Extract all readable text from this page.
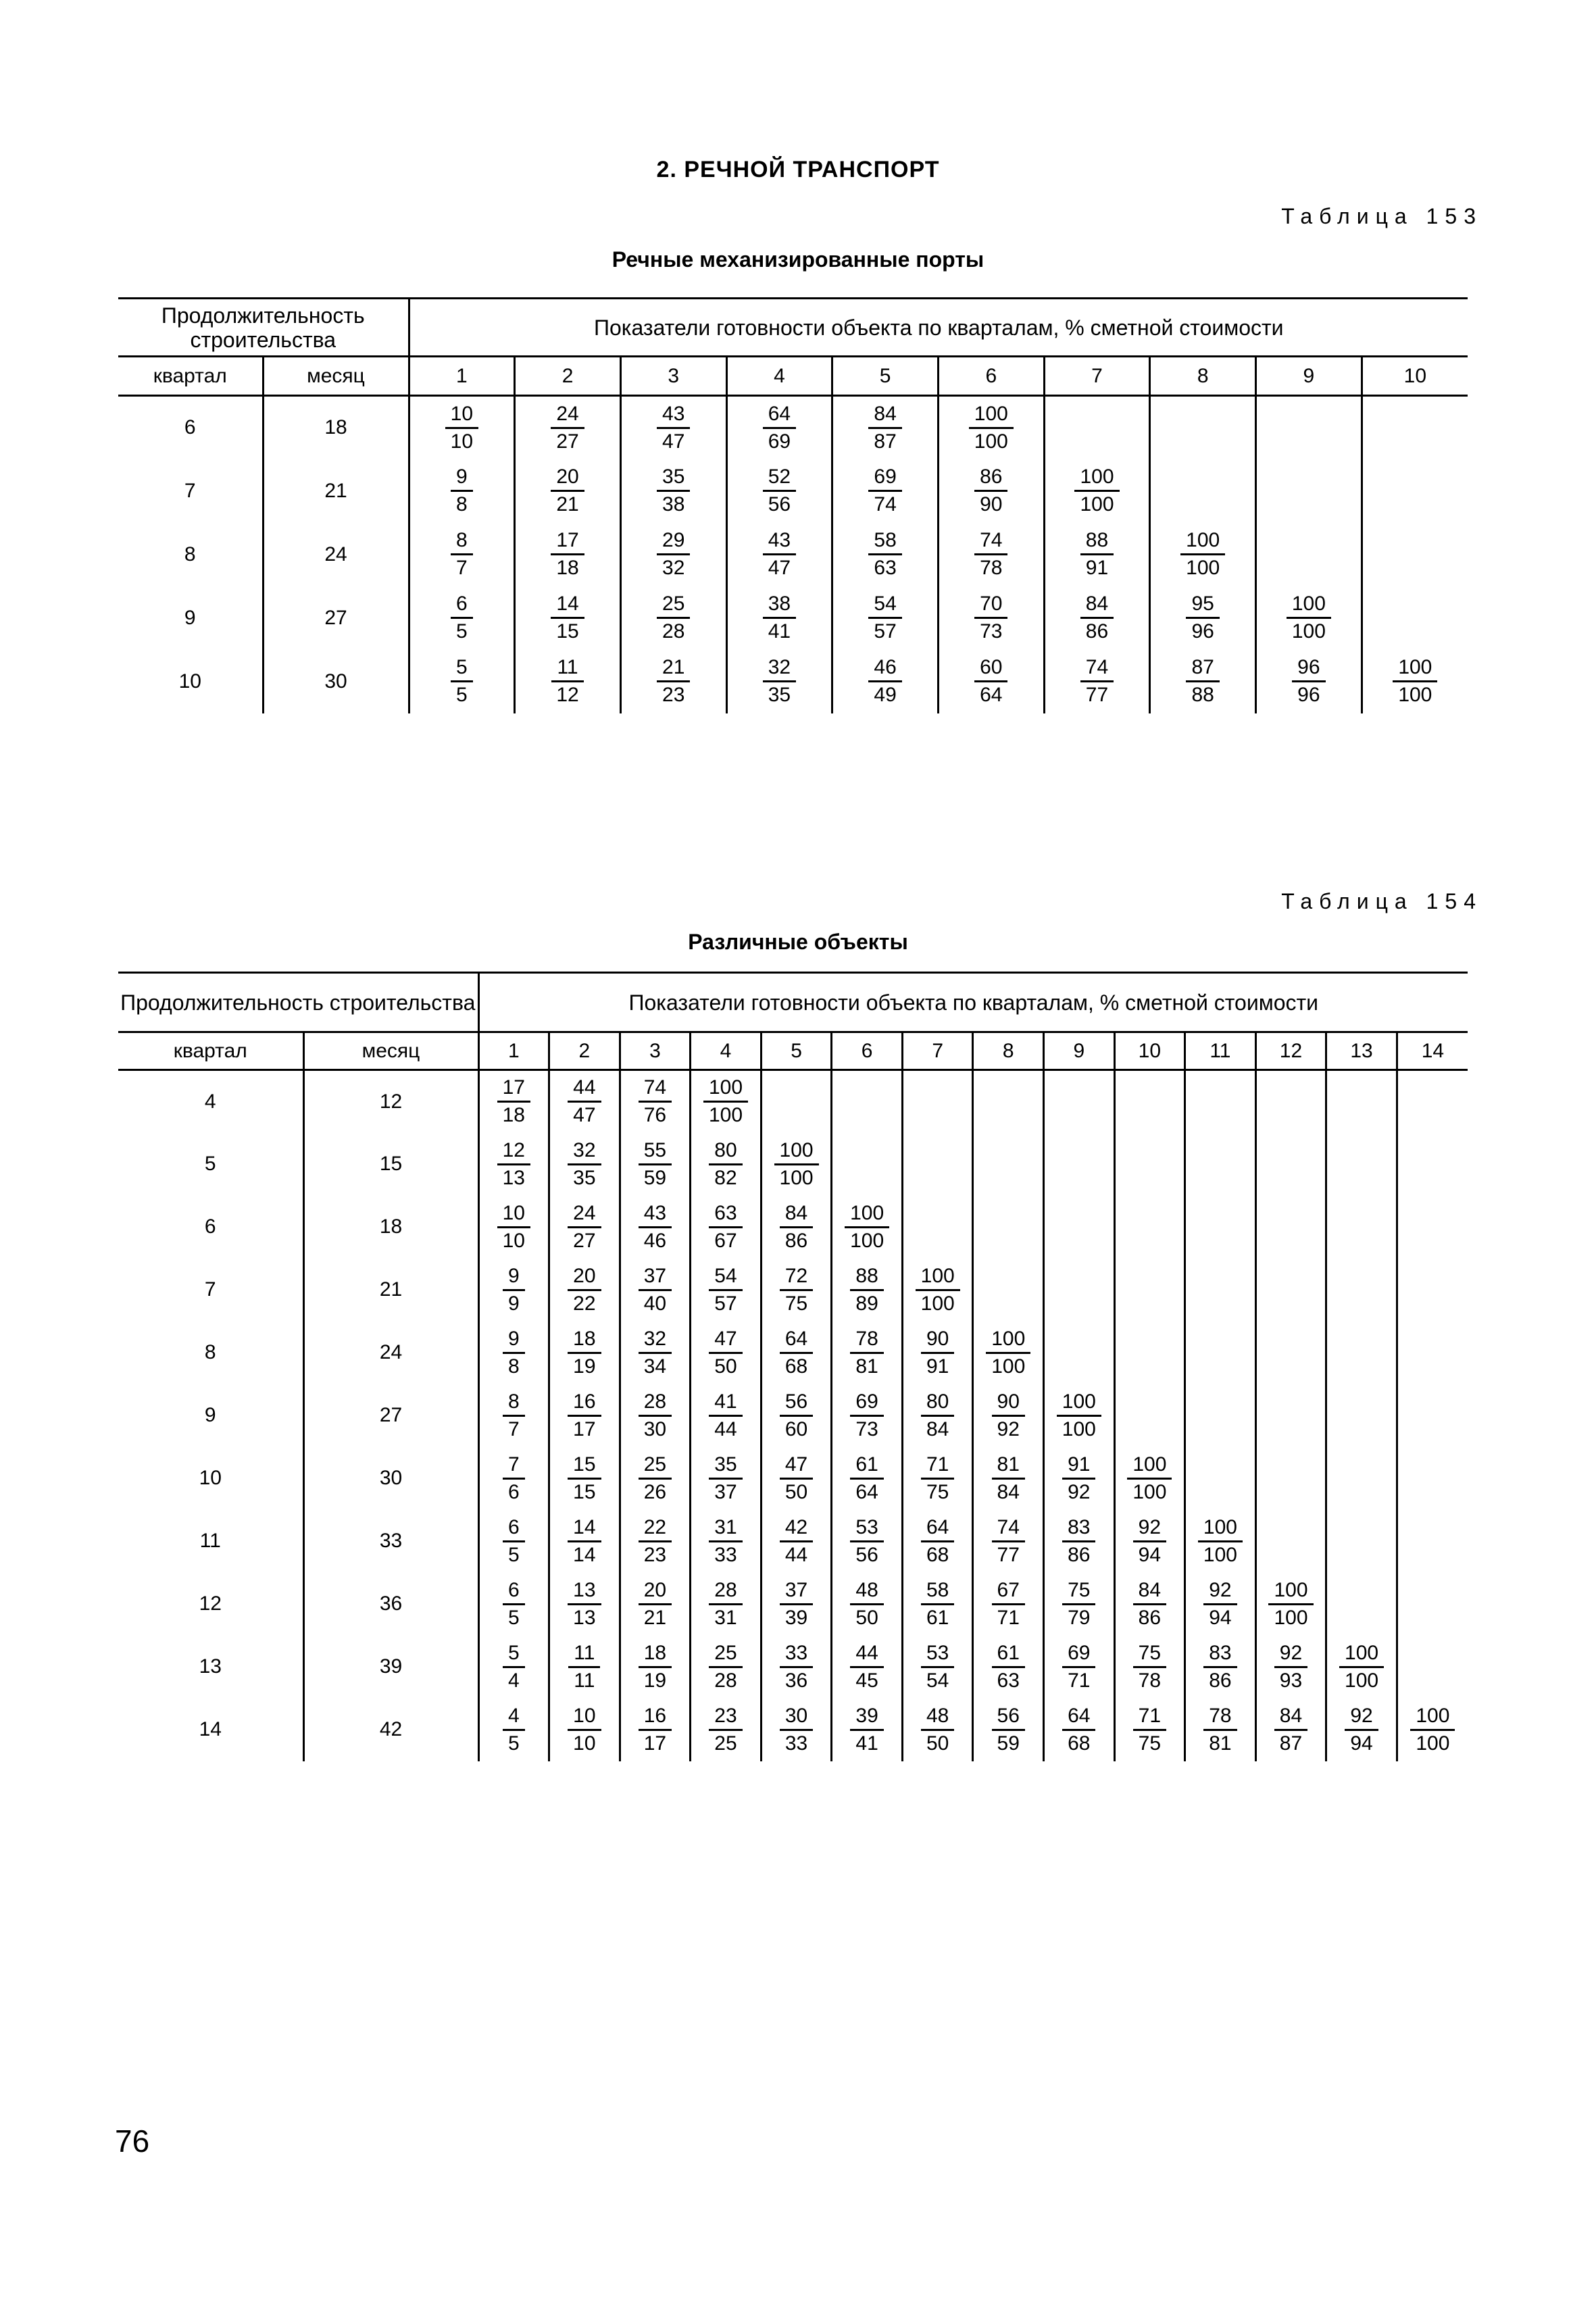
2. РЕЧНОЙ ТРАНСПОРТ
Таблица 153
Речные механизированные порты
Продолжительность строительства		Показатели готовности объекта по кварталам, % сметной стоимости									
квартал	месяц	1	2	3	4	5	6	7	8	9	10
6	18	$\frac{10}{10}$	$\frac{24}{27}$	$\frac{43}{47}$	$\frac{64}{69}$	$\frac{84}{87}$	$\frac{100}{100}$

7	21	$\frac{9}{8}$	$\frac{20}{21}$	$\frac{35}{38}$	$\frac{52}{56}$	$\frac{69}{74}$	$\frac{86}{90}$	$\frac{100}{100}$

8	24	$\frac{8}{7}$	$\frac{17}{18}$	$\frac{29}{32}$	$\frac{43}{47}$	$\frac{58}{63}$	$\frac{74}{78}$	$\frac{88}{91}$	$\frac{100}{100}$

9	27	$\frac{6}{5}$	$\frac{14}{15}$	$\frac{25}{28}$	$\frac{38}{41}$	$\frac{54}{57}$	$\frac{70}{73}$	$\frac{84}{86}$	$\frac{95}{96}$	$\frac{100}{100}$

10	30	$\frac{5}{5}$	$\frac{11}{12}$	$\frac{21}{23}$	$\frac{32}{35}$	$\frac{46}{49}$	$\frac{60}{64}$	$\frac{74}{77}$	$\frac{87}{88}$	$\frac{96}{96}$	$\frac{100}{100}$
Таблица 154
Различные объекты
Продолжительность строительства		Показатели готовности объекта по кварталам, % сметной стоимости													
квартал	месяц	1	2	3	4	5	6	7	8	9	10	11	12	13	14
4	12	$\frac{17}{18}$	$\frac{44}{47}$	$\frac{74}{76}$	$\frac{100}{100}$

5	15	$\frac{12}{13}$	$\frac{32}{35}$	$\frac{55}{59}$	$\frac{80}{82}$	$\frac{100}{100}$

6	18	$\frac{10}{10}$	$\frac{24}{27}$	$\frac{43}{46}$	$\frac{63}{67}$	$\frac{84}{86}$	$\frac{100}{100}$

7	21	$\frac{9}{9}$	$\frac{20}{22}$	$\frac{37}{40}$	$\frac{54}{57}$	$\frac{72}{75}$	$\frac{88}{89}$	$\frac{100}{100}$

8	24	$\frac{9}{8}$	$\frac{18}{19}$	$\frac{32}{34}$	$\frac{47}{50}$	$\frac{64}{68}$	$\frac{78}{81}$	$\frac{90}{91}$	$\frac{100}{100}$

9	27	$\frac{8}{7}$	$\frac{16}{17}$	$\frac{28}{30}$	$\frac{41}{44}$	$\frac{56}{60}$	$\frac{69}{73}$	$\frac{80}{84}$	$\frac{90}{92}$	$\frac{100}{100}$

10	30	$\frac{7}{6}$	$\frac{15}{15}$	$\frac{25}{26}$	$\frac{35}{37}$	$\frac{47}{50}$	$\frac{61}{64}$	$\frac{71}{75}$	$\frac{81}{84}$	$\frac{91}{92}$	$\frac{100}{100}$

11	33	$\frac{6}{5}$	$\frac{14}{14}$	$\frac{22}{23}$	$\frac{31}{33}$	$\frac{42}{44}$	$\frac{53}{56}$	$\frac{64}{68}$	$\frac{74}{77}$	$\frac{83}{86}$	$\frac{92}{94}$	$\frac{100}{100}$

12	36	$\frac{6}{5}$	$\frac{13}{13}$	$\frac{20}{21}$	$\frac{28}{31}$	$\frac{37}{39}$	$\frac{48}{50}$	$\frac{58}{61}$	$\frac{67}{71}$	$\frac{75}{79}$	$\frac{84}{86}$	$\frac{92}{94}$	$\frac{100}{100}$

13	39	$\frac{5}{4}$	$\frac{11}{11}$	$\frac{18}{19}$	$\frac{25}{28}$	$\frac{33}{36}$	$\frac{44}{45}$	$\frac{53}{54}$	$\frac{61}{63}$	$\frac{69}{71}$	$\frac{75}{78}$	$\frac{83}{86}$	$\frac{92}{93}$	$\frac{100}{100}$

14	42	$\frac{4}{5}$	$\frac{10}{10}$	$\frac{16}{17}$	$\frac{23}{25}$	$\frac{30}{33}$	$\frac{39}{41}$	$\frac{48}{50}$	$\frac{56}{59}$	$\frac{64}{68}$	$\frac{71}{75}$	$\frac{78}{81}$	$\frac{84}{87}$	$\frac{92}{94}$	$\frac{100}{100}$
76
